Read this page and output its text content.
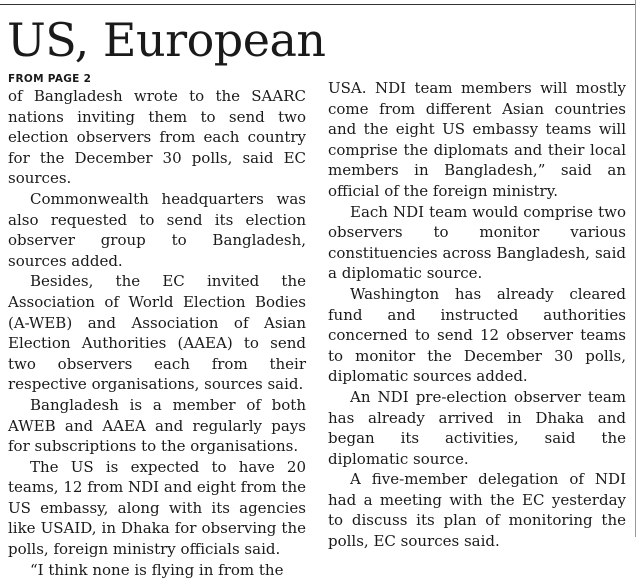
US, European
FROM PAGE 2

of Bangladesh wrote to the SAARC nations inviting them to send two election observers from each country for the December 30 polls, said EC sources.

Commonwealth headquarters was also requested to send its election observer group to Bangladesh, sources added.

Besides, the EC invited the Association of World Election Bodies (A-WEB) and Association of Asian Election Authorities (AAEA) to send two observers each from their respective organisations, sources said.

Bangladesh is a member of both AWEB and AAEA and regularly pays for subscriptions to the organisations.

The US is expected to have 20 teams, 12 from NDI and eight from the US embassy, along with its agencies like USAID, in Dhaka for observing the polls, foreign ministry officials said.

“I think none is flying in from the

USA. NDI team members will mostly come from different Asian countries and the eight US embassy teams will comprise the diplomats and their local members in Bangladesh,” said an official of the foreign ministry.

Each NDI team would comprise two observers to monitor various constituencies across Bangladesh, said a diplomatic source.

Washington has already cleared fund and instructed authorities concerned to send 12 observer teams to monitor the December 30 polls, diplomatic sources added.

An NDI pre-election observer team has already arrived in Dhaka and began its activities, said the diplomatic source.

A five-member delegation of NDI had a meeting with the EC yesterday to discuss its plan of monitoring the polls, EC sources said.
